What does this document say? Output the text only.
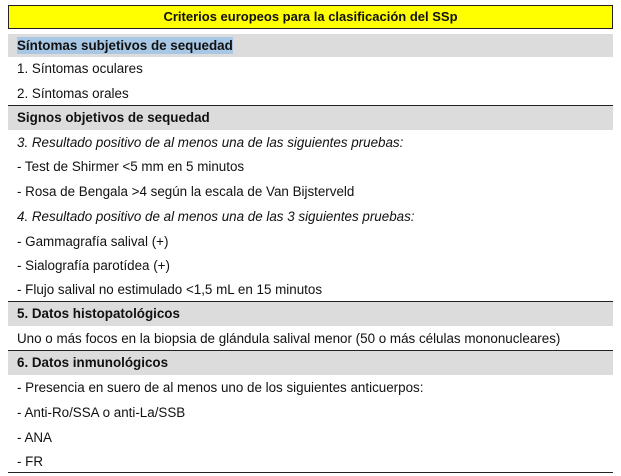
Criterios europeos para la clasificación del SSp
Síntomas subjetivos de sequedad
1. Síntomas oculares
2. Síntomas orales
Signos objetivos de sequedad
3. Resultado positivo de al menos una de las siguientes pruebas:
- Test de Shirmer <5 mm en 5 minutos
- Rosa de Bengala >4 según la escala de Van Bijsterveld
4. Resultado positivo de al menos una de las 3 siguientes pruebas:
- Gammagrafía salival (+)
- Sialografía parotídea (+)
- Flujo salival no estimulado <1,5 mL en 15 minutos
5. Datos histopatológicos
Uno o más focos en la biopsia de glándula salival menor (50 o más células mononucleares)
6. Datos inmunológicos
- Presencia en suero de al menos uno de los siguientes anticuerpos:
- Anti-Ro/SSA o anti-La/SSB
- ANA
- FR
